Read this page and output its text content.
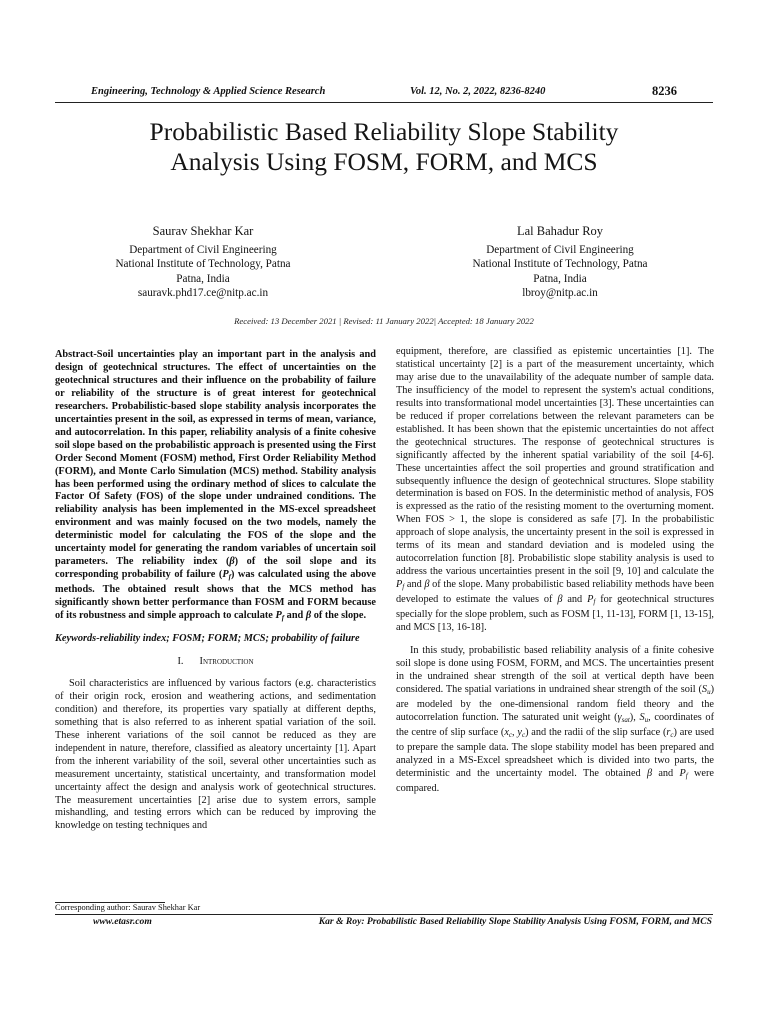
Engineering, Technology & Applied Science Research	Vol. 12, No. 2, 2022, 8236-8240	8236
Probabilistic Based Reliability Slope Stability
Analysis Using FOSM, FORM, and MCS
Saurav Shekhar Kar
Department of Civil Engineering
National Institute of Technology, Patna
Patna, India
sauravk.phd17.ce@nitp.ac.in
Lal Bahadur Roy
Department of Civil Engineering
National Institute of Technology, Patna
Patna, India
lbroy@nitp.ac.in
Received: 13 December 2021 | Revised: 11 January 2022| Accepted: 18 January 2022

Abstract-Soil uncertainties play an important part in the analysis and design of geotechnical structures. The effect of uncertainties on the geotechnical structures and their influence on the probability of failure or reliability of the structure is of great interest for geotechnical researchers. Probabilistic-based slope stability analysis incorporates the uncertainties present in the soil, as expressed in terms of mean, variance, and autocorrelation. In this paper, reliability analysis of a finite cohesive soil slope based on the probabilistic approach is presented using the First Order Second Moment (FOSM) method, First Order Reliability Method (FORM), and Monte Carlo Simulation (MCS) method. Stability analysis has been performed using the ordinary method of slices to calculate the Factor Of Safety (FOS) of the slope under undrained conditions. The reliability analysis has been implemented in the MS-excel spreadsheet environment and was mainly focused on the two models, namely the deterministic model for calculating the FOS of the slope and the uncertainty model for generating the random variables of uncertain soil parameters. The reliability index (β) of the soil slope and its corresponding probability of failure $(P_f)$ was calculated using the above methods. The obtained result shows that the MCS method has significantly shown better performance than FOSM and FORM because of its robustness and simple approach to calculate $P_f$ and β of the slope.

Keywords-reliability index; FOSM; FORM; MCS; probability of failure

I. Introduction

Soil characteristics are influenced by various factors (e.g. characteristics of their origin rock, erosion and weathering actions, and sedimentation condition) and therefore, its properties vary spatially at different depths, something that is also referred to as inherent spatial variation of the soil. These inherent variations of the soil cannot be reduced as they are independent in nature, therefore, classified as aleatory uncertainty [1]. Apart from the inherent variability of the soil, several other uncertainties such as measurement uncertainty, statistical uncertainty, and transformation model uncertainty affect the design and analysis work of geotechnical structures. The measurement uncertainties [2] arise due to system errors, sample mishandling, and testing errors which can be reduced by improving the knowledge on testing techniques and

equipment, therefore, are classified as epistemic uncertainties [1]. The statistical uncertainty [2] is a part of the measurement uncertainty, which may arise due to the unavailability of the adequate number of sample data. The insufficiency of the model to represent the system's actual conditions, results into transformational model uncertainties [3]. These uncertainties can be reduced if proper correlations between the relevant parameters can be established. It has been shown that the epistemic uncertainties do not affect the geotechnical structures. The response of geotechnical structures is significantly affected by the inherent spatial variability of the soil [4-6]. These uncertainties affect the soil properties and ground stratification and subsequently influence the design of geotechnical structures. Slope stability determination is based on FOS. In the deterministic method of analysis, FOS is expressed as the ratio of the resisting moment to the overturning moment. When FOS > 1, the slope is considered as safe [7]. In the probabilistic approach of slope analysis, the uncertainty present in the soil is expressed in terms of its mean and standard deviation and is modeled using the autocorrelation function [8]. Probabilistic slope stability analysis is used to address the various uncertainties present in the soil [9, 10] and calculate the $P_f$ and β of the slope. Many probabilistic based reliability methods have been developed to estimate the values of β and $P_f$ for geotechnical structures specially for the slope problem, such as FOSM [1, 11-13], FORM [1, 13-15], and MCS [13, 16-18].

In this study, probabilistic based reliability analysis of a finite cohesive soil slope is done using FOSM, FORM, and MCS. The uncertainties present in the undrained shear strength of the soil at vertical depth have been considered. The spatial variations in undrained shear strength of the soil $(S_u)$ are modeled by the one-dimensional random field theory and the autocorrelation function. The saturated unit weight $(\gamma_{sat})$, $S_u$, coordinates of the centre of slip surface ($x_c$, $y_c$) and the radii of the slip surface $(r_c)$ are used to prepare the sample data. The slope stability model has been prepared and analyzed in a MS-Excel spreadsheet which is divided into two parts, the deterministic and the uncertainty model. The obtained β and $P_f$ were compared.

Corresponding author: Saurav Shekhar Kar
www.etasr.com	Kar & Roy: Probabilistic Based Reliability Slope Stability Analysis Using FOSM, FORM, and MCS
